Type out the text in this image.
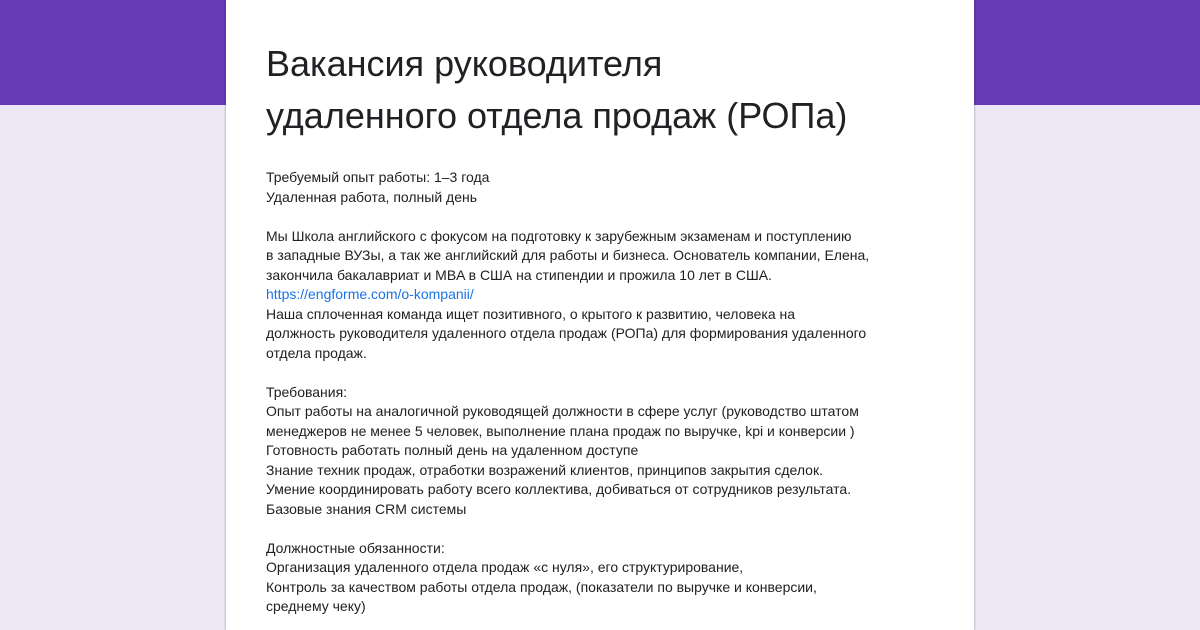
Вакансия руководителя
удаленного отдела продаж (РОПа)
Требуемый опыт работы: 1–3 года
Удаленная работа, полный день
Мы Школа английского с фокусом на подготовку к зарубежным экзаменам и поступлению
в западные ВУЗы, а так же английский для работы и бизнеса. Основатель компании, Елена,
закончила бакалавриат и MBA в США на стипендии и прожила 10 лет в США.
https://engforme.com/o-kompanii/
Наша сплоченная команда ищет позитивного, о крытого к развитию, человека на
должность руководителя удаленного отдела продаж (РОПа) для формирования удаленного
отдела продаж.
Требования:
Опыт работы на аналогичной руководящей должности в сфере услуг (руководство штатом
менеджеров не менее 5 человек, выполнение плана продаж по выручке, kpi и конверсии )
Готовность работать полный день на удаленном доступе
Знание техник продаж, отработки возражений клиентов, принципов закрытия сделок.
Умение координировать работу всего коллектива, добиваться от сотрудников результата.
Базовые знания CRM системы
Должностные обязанности:
Организация удаленного отдела продаж «с нуля», его структурирование,
Контроль за качеством работы отдела продаж, (показатели по выручке и конверсии,
среднему чеку)
